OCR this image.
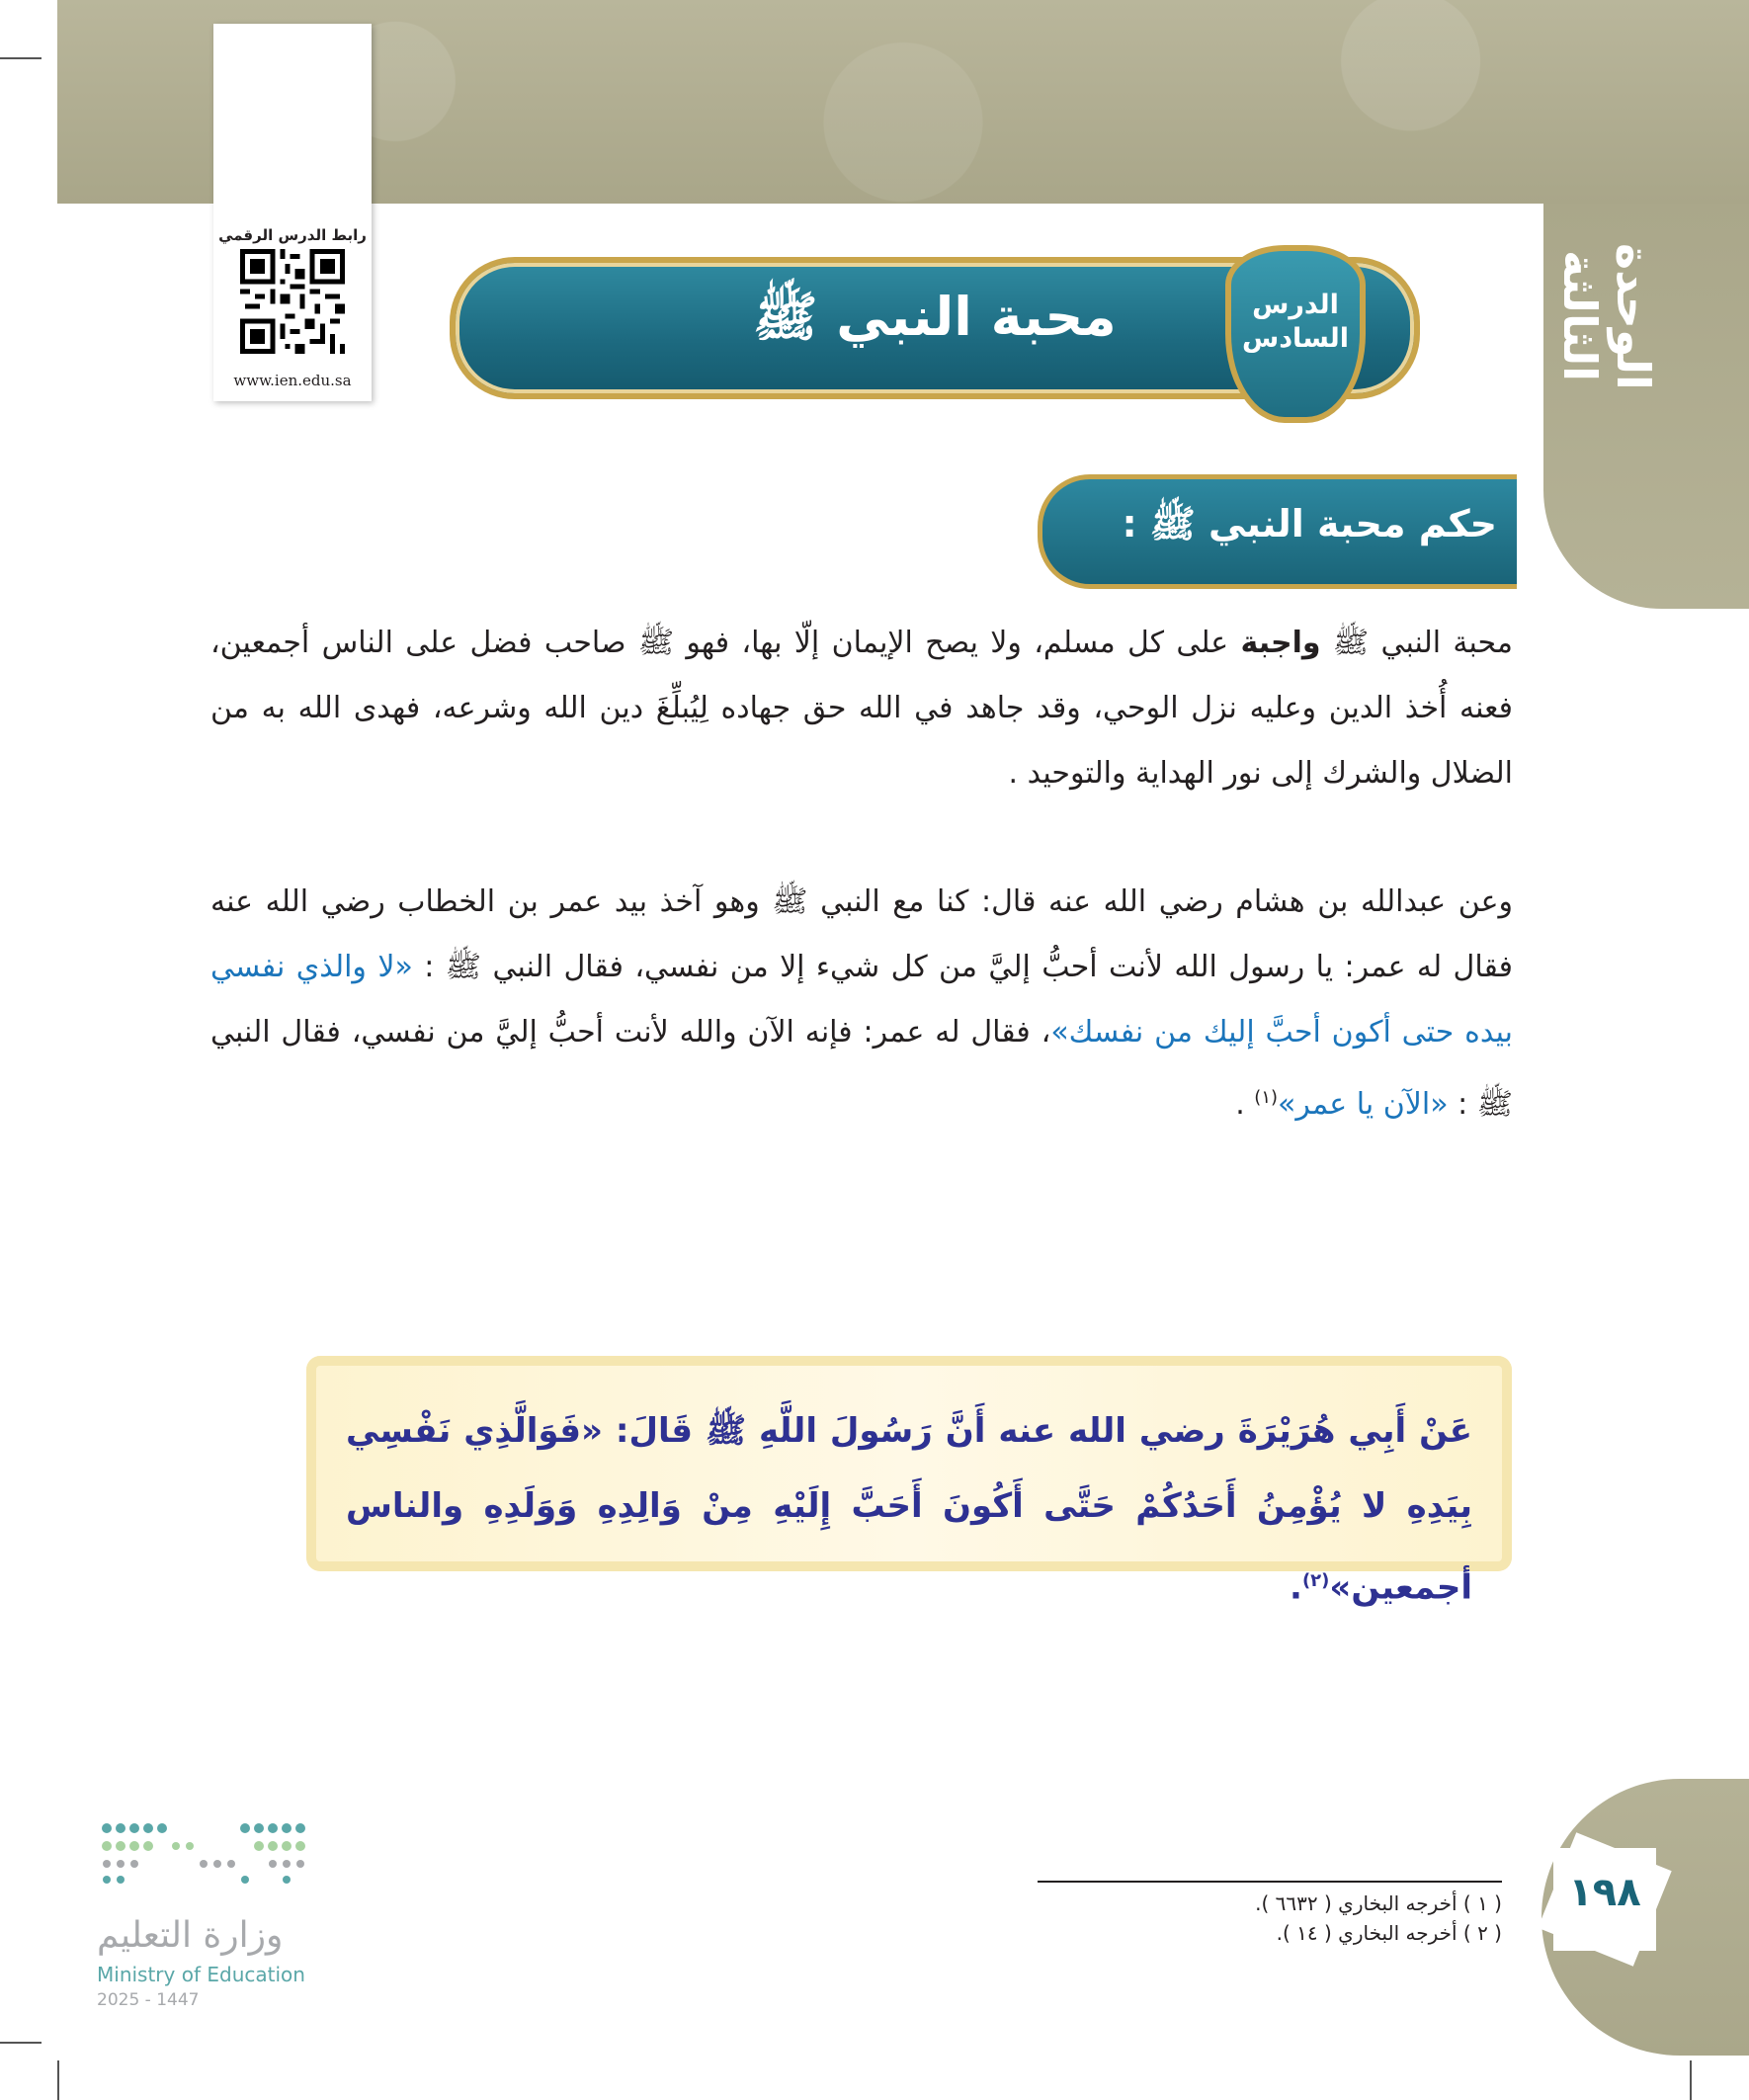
الوحدة الثالثة
رابط الدرس الرقمي
www.ien.edu.sa
محبة النبي ﷺ	الدرس السادس
حكم محبة النبي ﷺ :
محبة النبي ﷺ واجبة على كل مسلم، ولا يصح الإيمان إلّا بها، فهو ﷺ صاحب فضل على الناس أجمعين، فعنه أُخذ الدين وعليه نزل الوحي، وقد جاهد في الله حق جهاده لِيُبلِّغَ دين الله وشرعه، فهدى الله به من الضلال والشرك إلى نور الهداية والتوحيد .
وعن عبدالله بن هشام رضي الله عنه قال: كنا مع النبي ﷺ وهو آخذ بيد عمر بن الخطاب رضي الله عنه فقال له عمر: يا رسول الله لأنت أحبُّ إليَّ من كل شيء إلا من نفسي، فقال النبي ﷺ : «لا والذي نفسي بيده حتى أكون أحبَّ إليك من نفسك»، فقال له عمر: فإنه الآن والله لأنت أحبُّ إليَّ من نفسي، فقال النبي ﷺ : «الآن يا عمر»$^{(١)}$ .
عَنْ أَبِي هُرَيْرَةَ رضي الله عنه أَنَّ رَسُولَ اللَّهِ ﷺ قَالَ: «فَوَالَّذِي نَفْسِي بِيَدِهِ لا يُؤْمِنُ أَحَدُكُمْ حَتَّى أَكُونَ أَحَبَّ إِلَيْهِ مِنْ وَالِدِهِ وَوَلَدِهِ والناس أجمعين»$^{(٢)}$.
( ١ ) أخرجه البخاري ( ٦٦٣٢ ).
( ٢ ) أخرجه البخاري ( ١٤ ).
١٩٨
وزارة التعليم
Ministry of Education
2025 - 1447
